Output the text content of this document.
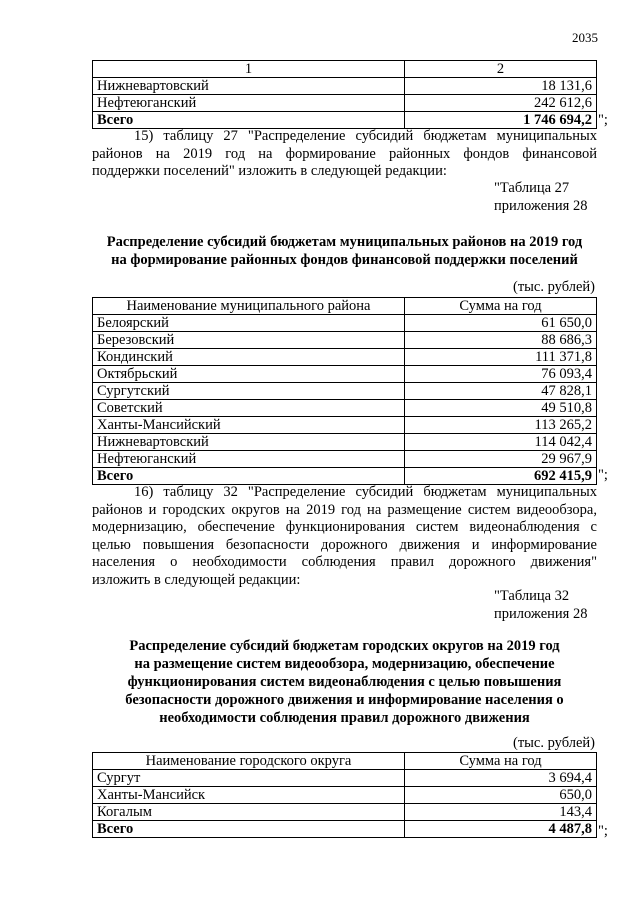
2035
1	2
Нижневартовский	18 131,6
Нефтеюганский	242 612,6
Всего	1 746 694,2 ";
15) таблицу 27 "Распределение субсидий бюджетам муниципальных
районов на 2019 год на формирование районных фондов финансовой
поддержки поселений" изложить в следующей редакции:
"Таблица 27
приложения 28
Распределение субсидий бюджетам муниципальных районов на 2019 год
на формирование районных фондов финансовой поддержки поселений
(тыс. рублей)
Наименование муниципального района	Сумма на год
Белоярский	61 650,0
Березовский	88 686,3
Кондинский	111 371,8
Октябрьский	76 093,4
Сургутский	47 828,1
Советский	49 510,8
Ханты-Мансийский	113 265,2
Нижневартовский	114 042,4
Нефтеюганский	29 967,9
Всего	692 415,9 ";
16) таблицу 32 "Распределение субсидий бюджетам муниципальных
районов и городских округов на 2019 год на размещение систем видеообзора,
модернизацию, обеспечение функционирования систем видеонаблюдения с
целью повышения безопасности дорожного движения и информирование
населения о необходимости соблюдения правил дорожного движения"
изложить в следующей редакции:
"Таблица 32
приложения 28
Распределение субсидий бюджетам городских округов на 2019 год
на размещение систем видеообзора, модернизацию, обеспечение
функционирования систем видеонаблюдения с целью повышения
безопасности дорожного движения и информирование населения о
необходимости соблюдения правил дорожного движения
(тыс. рублей)
Наименование городского округа	Сумма на год
Сургут	3 694,4
Ханты-Мансийск	650,0
Когалым	143,4
Всего	4 487,8 ";
